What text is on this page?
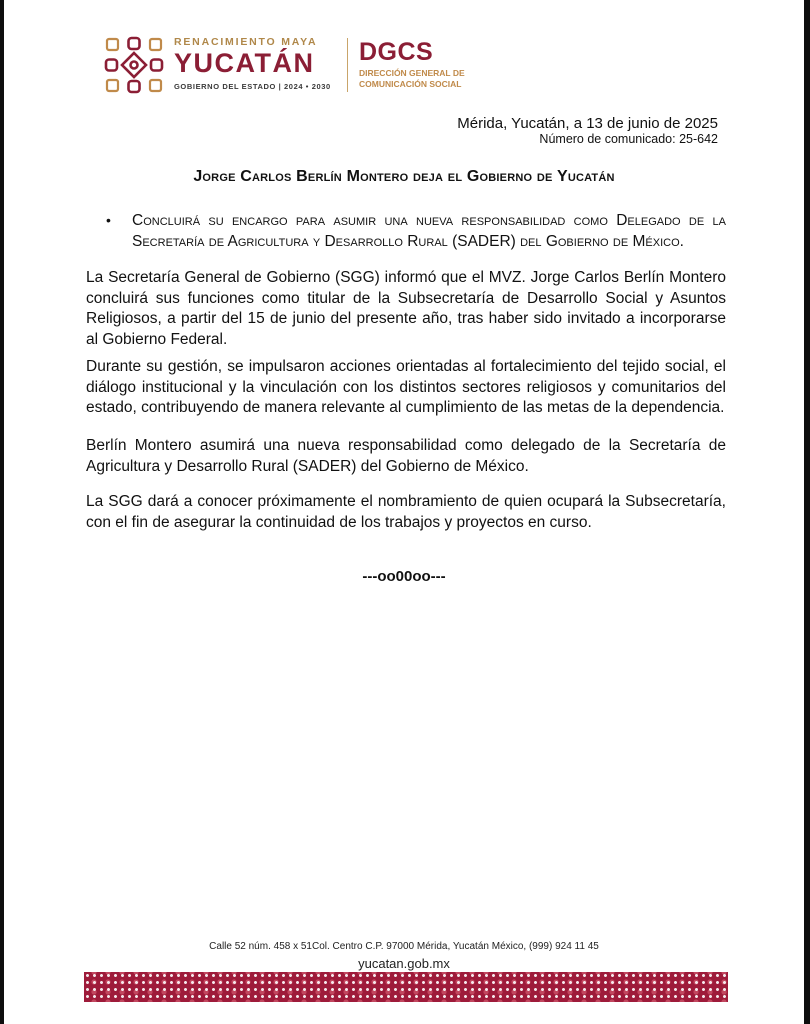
RENACIMIENTO MAYA
YUCATÁN
GOBIERNO DEL ESTADO | 2024 • 2030
DGCS
DIRECCIÓN GENERAL DE
COMUNICACIÓN SOCIAL
Mérida, Yucatán, a 13 de junio de 2025
Número de comunicado: 25-642
Jorge Carlos Berlín Montero deja el Gobierno de Yucatán
• Concluirá su encargo para asumir una nueva responsabilidad como Delegado de la Secretaría de Agricultura y Desarrollo Rural (SADER) del Gobierno de México.
La Secretaría General de Gobierno (SGG) informó que el MVZ. Jorge Carlos Berlín Montero concluirá sus funciones como titular de la Subsecretaría de Desarrollo Social y Asuntos Religiosos, a partir del 15 de junio del presente año, tras haber sido invitado a incorporarse al Gobierno Federal.
Durante su gestión, se impulsaron acciones orientadas al fortalecimiento del tejido social, el diálogo institucional y la vinculación con los distintos sectores religiosos y comunitarios del estado, contribuyendo de manera relevante al cumplimiento de las metas de la dependencia.
Berlín Montero asumirá una nueva responsabilidad como delegado de la Secretaría de Agricultura y Desarrollo Rural (SADER) del Gobierno de México.
La SGG dará a conocer próximamente el nombramiento de quien ocupará la Subsecretaría, con el fin de asegurar la continuidad de los trabajos y proyectos en curso.
---oo00oo---
Calle 52 núm. 458 x 51Col. Centro C.P. 97000 Mérida, Yucatán México, (999) 924 11 45
yucatan.gob.mx
